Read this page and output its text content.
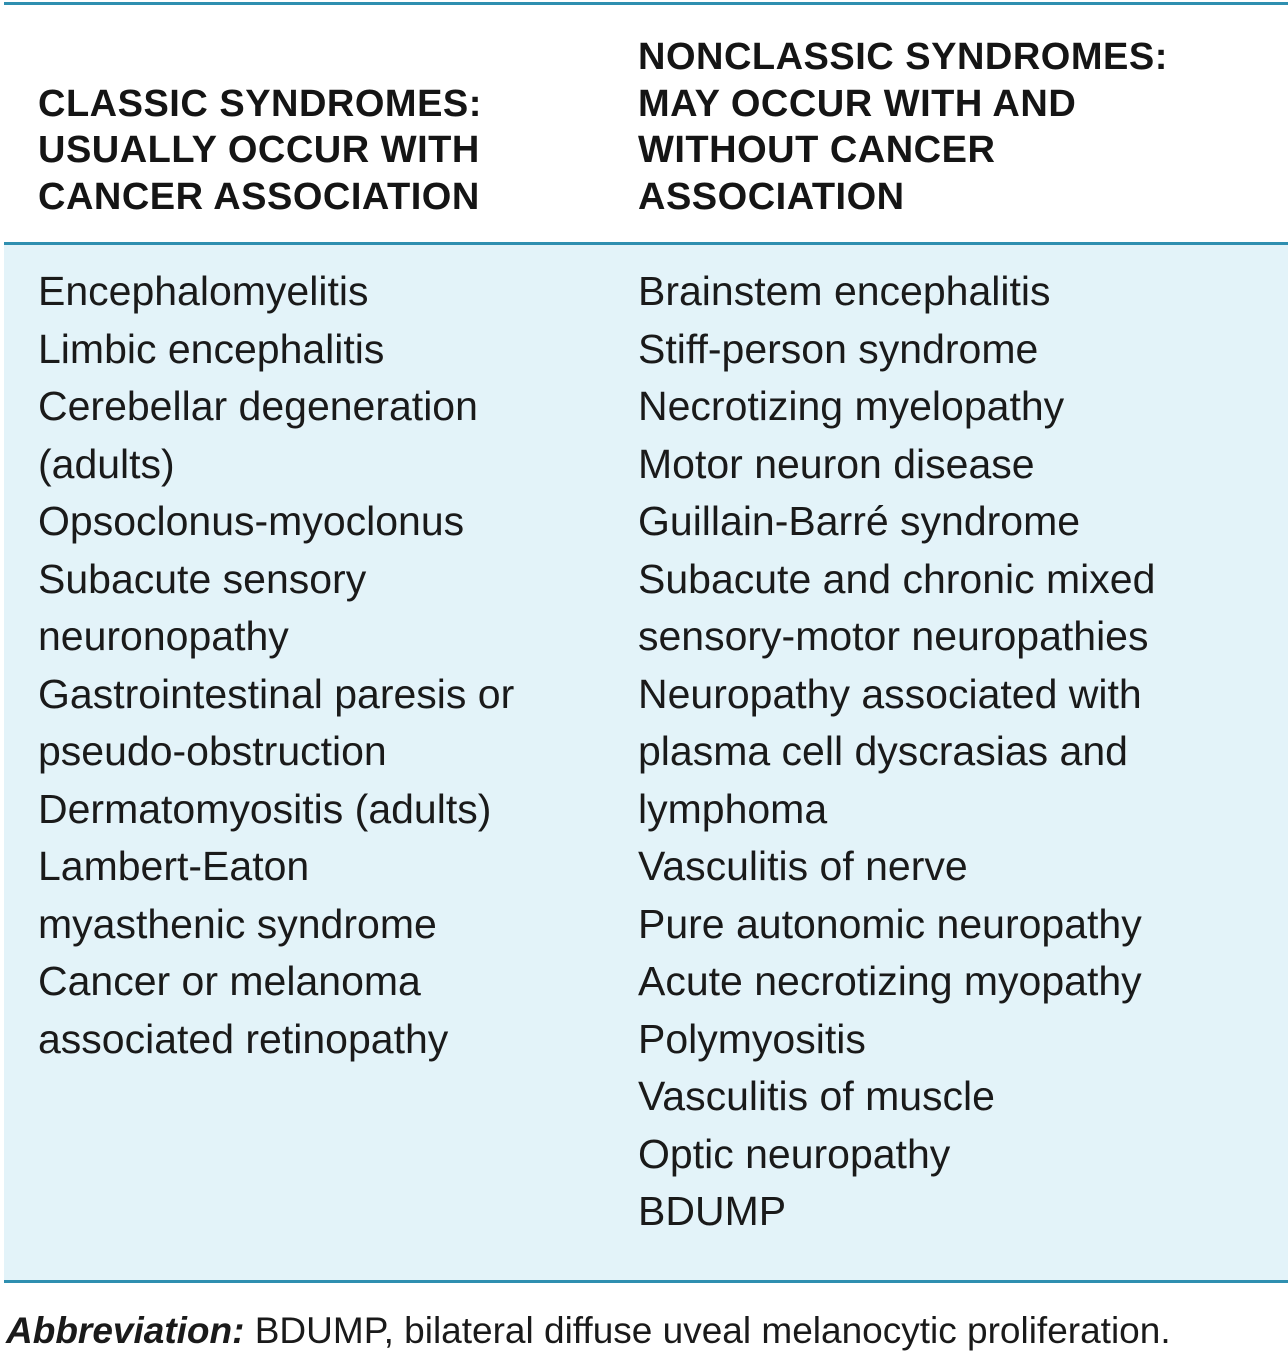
CLASSIC SYNDROMES:
USUALLY OCCUR WITH
CANCER ASSOCIATION
NONCLASSIC SYNDROMES:
MAY OCCUR WITH AND
WITHOUT CANCER
ASSOCIATION
Encephalomyelitis
Limbic encephalitis
Cerebellar degeneration
(adults)
Opsoclonus-myoclonus
Subacute sensory
neuronopathy
Gastrointestinal paresis or
pseudo-obstruction
Dermatomyositis (adults)
Lambert-Eaton
myasthenic syndrome
Cancer or melanoma
associated retinopathy
Brainstem encephalitis
Stiff-person syndrome
Necrotizing myelopathy
Motor neuron disease
Guillain-Barré syndrome
Subacute and chronic mixed
sensory-motor neuropathies
Neuropathy associated with
plasma cell dyscrasias and
lymphoma
Vasculitis of nerve
Pure autonomic neuropathy
Acute necrotizing myopathy
Polymyositis
Vasculitis of muscle
Optic neuropathy
BDUMP
Abbreviation: BDUMP, bilateral diffuse uveal melanocytic proliferation.
